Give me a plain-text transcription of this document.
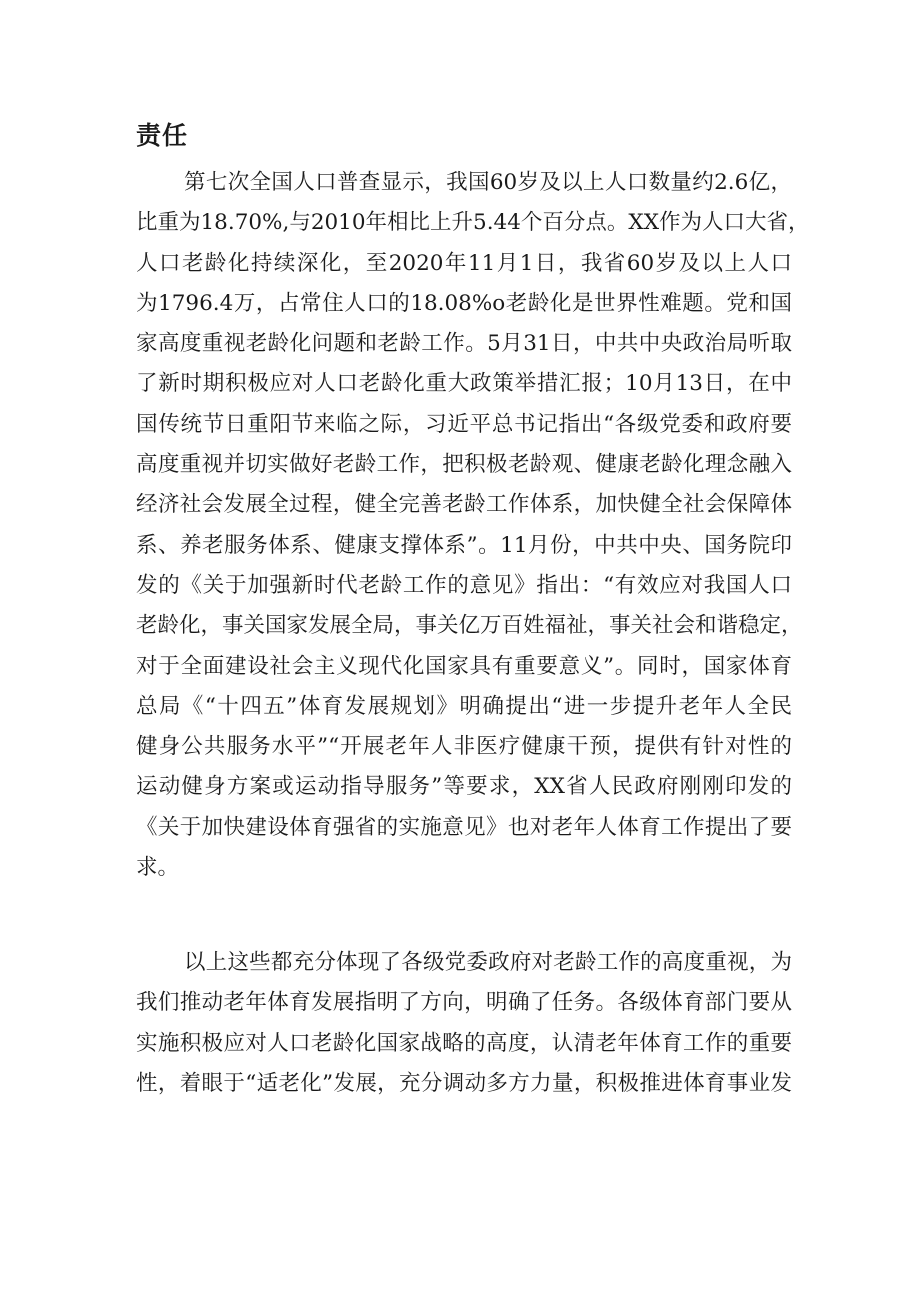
责任
第七次全国人口普查显示，我国60岁及以上人口数量约2.6亿，
比重为18.70%,与2010年相比上升5.44个百分点。XX作为人口大省，
人口老龄化持续深化，至2020年11月1日，我省60岁及以上人口
为1796.4万，占常住人口的18.08%o老龄化是世界性难题。党和国
家高度重视老龄化问题和老龄工作。5月31日，中共中央政治局听取
了新时期积极应对人口老龄化重大政策举措汇报；10月13日，在中
国传统节日重阳节来临之际，习近平总书记指出“各级党委和政府要
高度重视并切实做好老龄工作，把积极老龄观、健康老龄化理念融入
经济社会发展全过程，健全完善老龄工作体系，加快健全社会保障体
系、养老服务体系、健康支撑体系”。11月份，中共中央、国务院印
发的《关于加强新时代老龄工作的意见》指出：“有效应对我国人口
老龄化，事关国家发展全局，事关亿万百姓福祉，事关社会和谐稳定，
对于全面建设社会主义现代化国家具有重要意义”。同时，国家体育
总局《“十四五”体育发展规划》明确提出“进一步提升老年人全民
健身公共服务水平”“开展老年人非医疗健康干预，提供有针对性的
运动健身方案或运动指导服务”等要求，XX省人民政府刚刚印发的
《关于加快建设体育强省的实施意见》也对老年人体育工作提出了要
求。
以上这些都充分体现了各级党委政府对老龄工作的高度重视，为
我们推动老年体育发展指明了方向，明确了任务。各级体育部门要从
实施积极应对人口老龄化国家战略的高度，认清老年体育工作的重要
性，着眼于“适老化”发展，充分调动多方力量，积极推进体育事业发
